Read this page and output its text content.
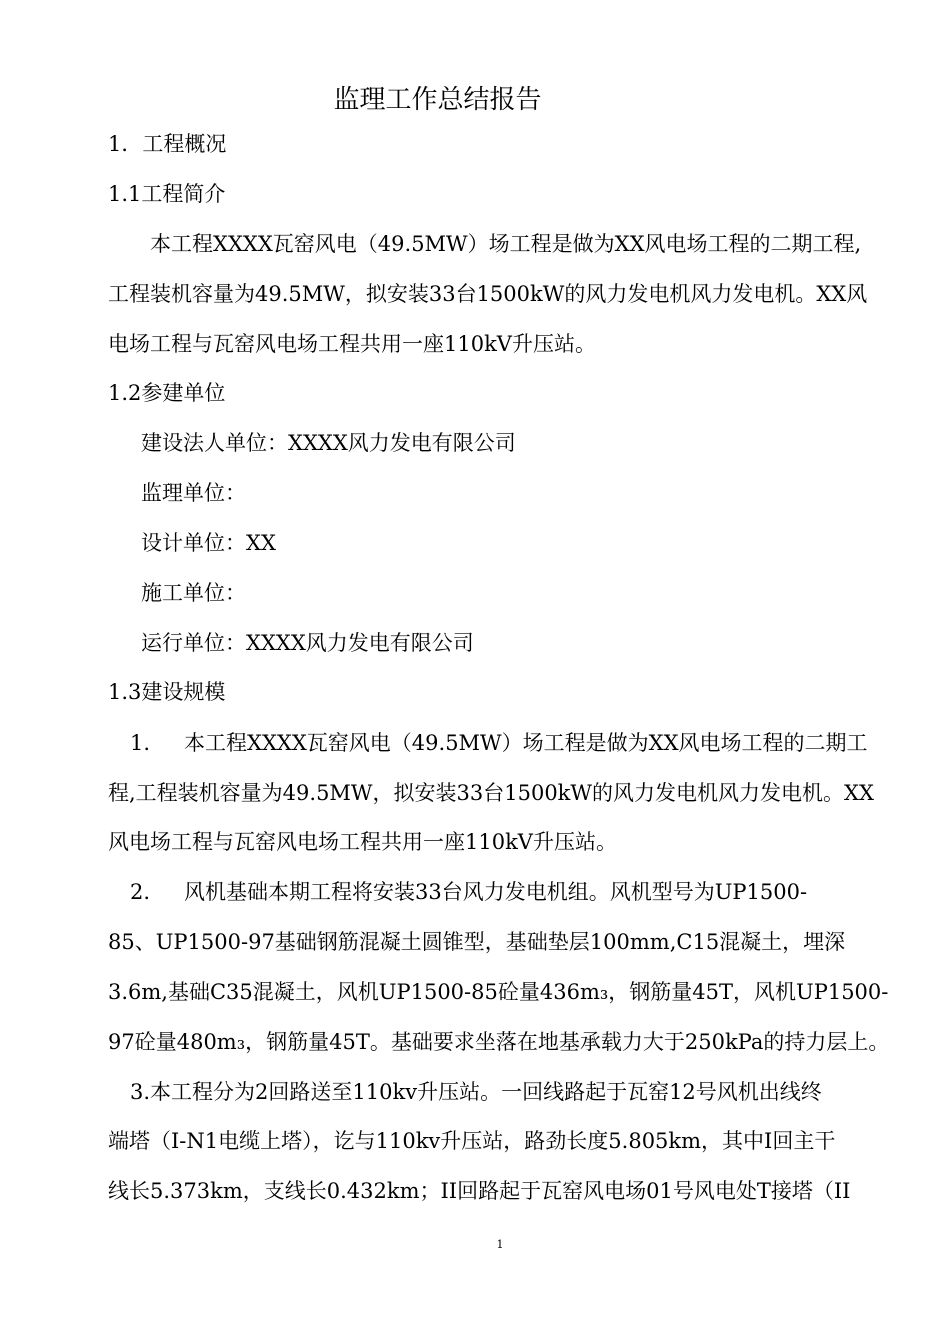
监理工作总结报告
1．工程概况
1.1工程简介
本工程XXXX瓦窑风电（49.5MW）场工程是做为XX风电场工程的二期工程,
工程装机容量为49.5MW，拟安装33台1500kW的风力发电机风力发电机。XX风
电场工程与瓦窑风电场工程共用一座110kV升压站。
1.2参建单位
建设法人单位：XXXX风力发电有限公司
监理单位：
设计单位：XX
施工单位：
运行单位：XXXX风力发电有限公司
1.3建设规模
1. 本工程XXXX瓦窑风电（49.5MW）场工程是做为XX风电场工程的二期工
程,工程装机容量为49.5MW，拟安装33台1500kW的风力发电机风力发电机。XX
风电场工程与瓦窑风电场工程共用一座110kV升压站。
2. 风机基础本期工程将安装33台风力发电机组。风机型号为UP1500-
85、UP1500-97基础钢筋混凝土圆锥型，基础垫层100mm,C15混凝土，埋深
3.6m,基础C35混凝土，风机UP1500-85砼量436m₃，钢筋量45T，风机UP1500-
97砼量480m₃，钢筋量45T。基础要求坐落在地基承载力大于250kPa的持力层上。
3.本工程分为2回路送至110kv升压站。一回线路起于瓦窑12号风机出线终
端塔（I-N1电缆上塔），讫与110kv升压站，路劲长度5.805km，其中I回主干
线长5.373km，支线长0.432km；II回路起于瓦窑风电场01号风电处T接塔（II
1
